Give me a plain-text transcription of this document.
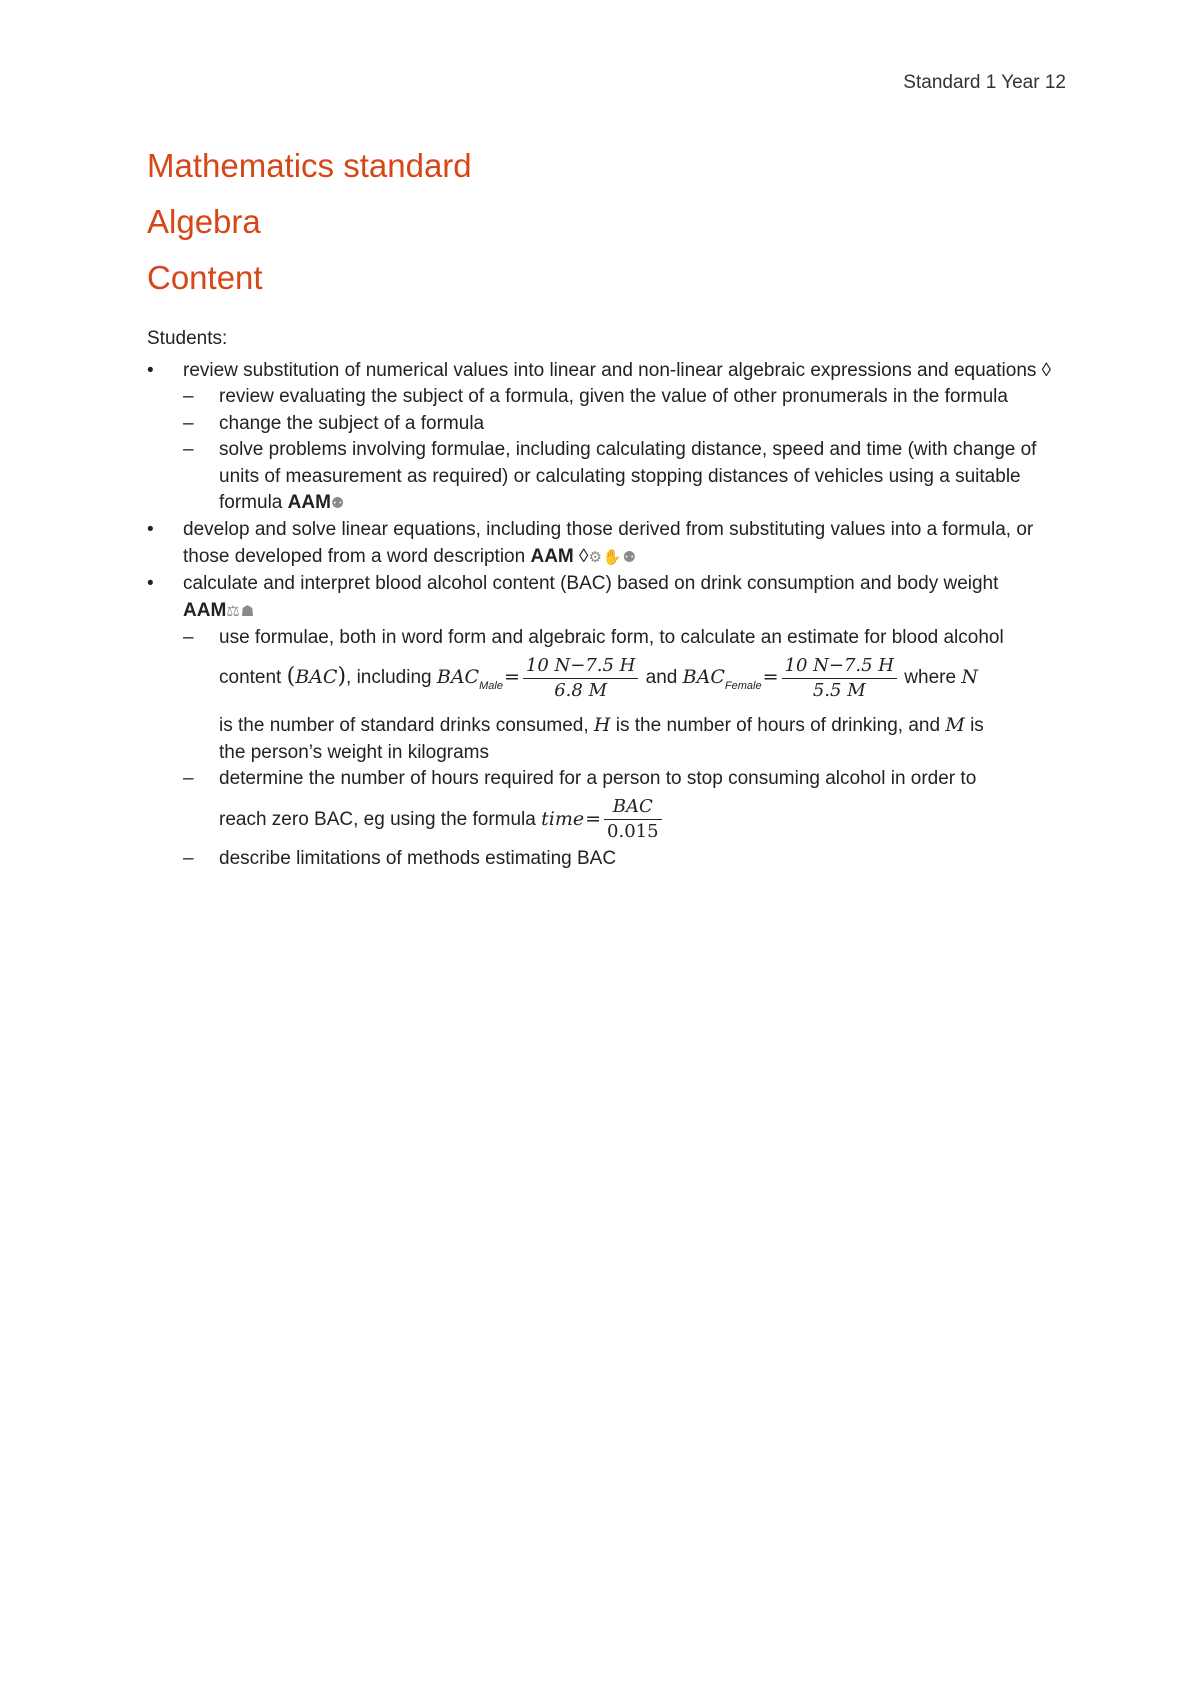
Standard 1 Year 12
Mathematics standard
Algebra
Content
Students:
•	review substitution of numerical values into linear and non-linear algebraic expressions and equations ◊
– review evaluating the subject of a formula, given the value of other pronumerals in the formula
– change the subject of a formula
– solve problems involving formulae, including calculating distance, speed and time (with change of units of measurement as required) or calculating stopping distances of vehicles using a suitable formula AAM⚉
•	develop and solve linear equations, including those derived from substituting values into a formula, or those developed from a word description AAM ◊⚙✋⚉
•	calculate and interpret blood alcohol content (BAC) based on drink consumption and body weight
AAM⚖☗
– use formulae, both in word form and algebraic form, to calculate an estimate for blood alcohol
content (BAC), including $BAC_{Male}= \frac{10 N-7.5 H}{6.8 M}$ and $BAC_{Female}= \frac{10 N-7.5 H}{5.5 M}$ where N
is the number of standard drinks consumed, H is the number of hours of drinking, and M is
the person’s weight in kilograms
– determine the number of hours required for a person to stop consuming alcohol in order to
reach zero BAC, eg using the formula time= $\frac{\text{BAC}}{0.015}$
– describe limitations of methods estimating BAC
